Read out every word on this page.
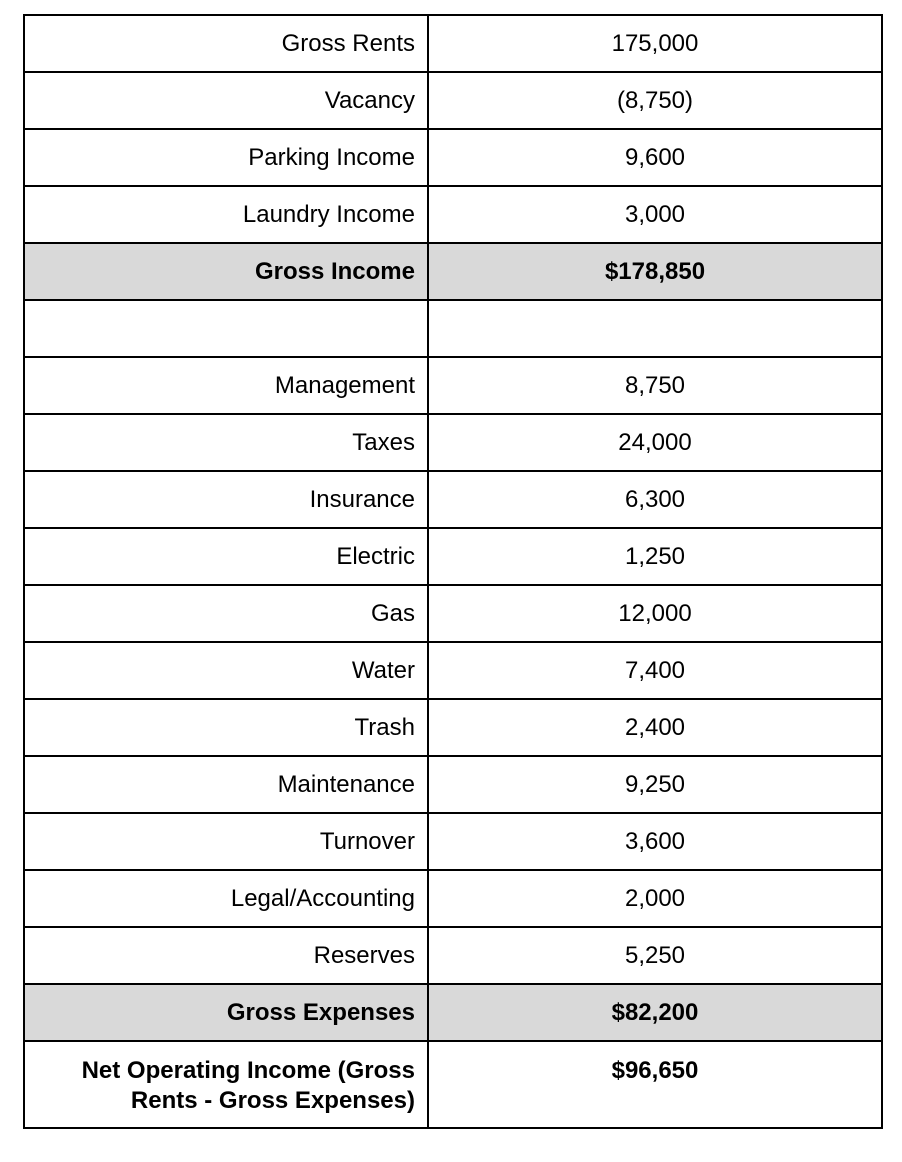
Gross Rents	175,000
Vacancy	(8,750)
Parking Income	9,600
Laundry Income	3,000
Gross Income	$178,850

Management	8,750
Taxes	24,000
Insurance	6,300
Electric	1,250
Gas	12,000
Water	7,400
Trash	2,400
Maintenance	9,250
Turnover	3,600
Legal/Accounting	2,000
Reserves	5,250
Gross Expenses	$82,200
Net Operating Income (Gross Rents - Gross Expenses)	$96,650
